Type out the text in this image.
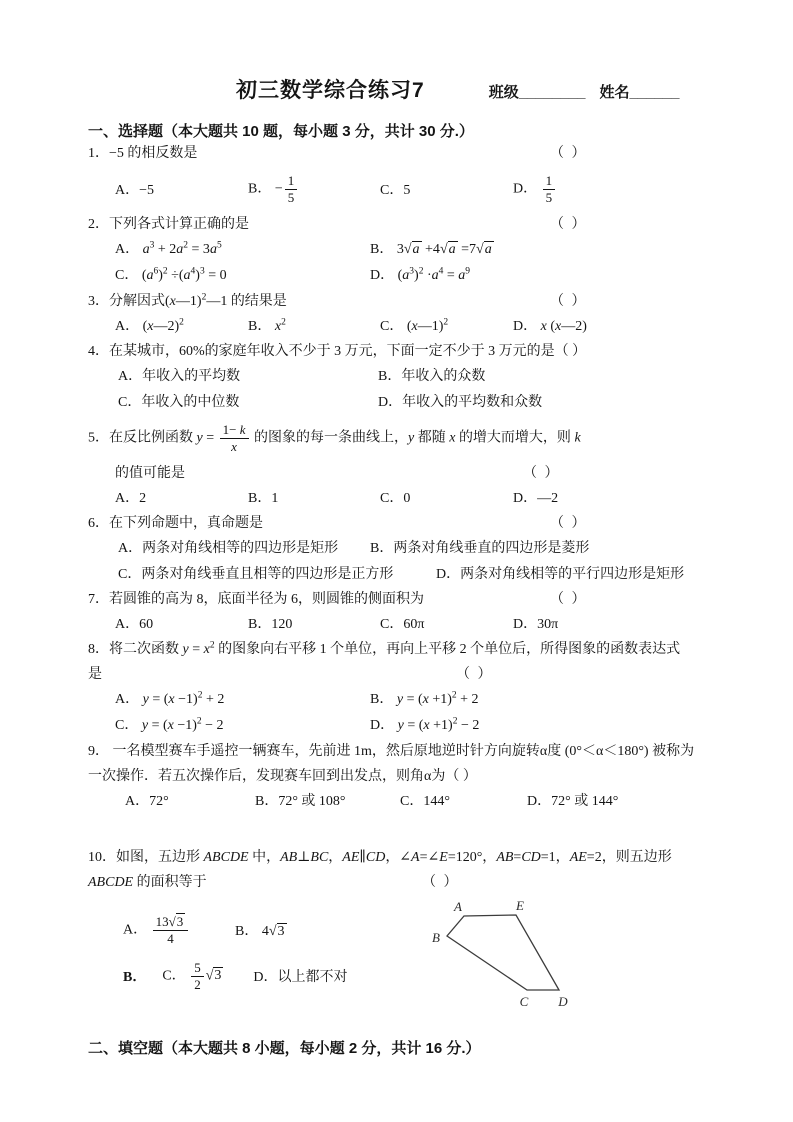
初三数学综合练习7	班级________ 姓名______
一、选择题（本大题共 10 题，每小题 3 分，共计 30 分.）
1．−5 的相反数是	（ ）
A．−5	B． − $\frac{1}{5}$	C．5	D． $\frac{1}{5}$
2．下列各式计算正确的是	（ ）
A． $a^3 + 2a^2 = 3a^5$	B． 3√a +4√a =7√a
C． $(a^6)^2 \div(a^4)^3 = 0$	D． $(a^3)^2 \cdot a^4 = a^9$
3．分解因式(x—1)$^2$—1 的结果是	（ ）
A． (x—2)$^2$	B． $x^2$	C． (x—1)$^2$	D． x (x—2)
4．在某城市，60%的家庭年收入不少于 3 万元，下面一定不少于 3 万元的是（ ）
A．年收入的平均数	B．年收入的众数
C．年收入的中位数	D．年收入的平均数和众数
5．在反比例函数 $y = \frac{1- k}{x}$ 的图象的每一条曲线上，y 都随 x 的增大而增大，则 k
的值可能是	（ ）
A．2	B．1	C．0	D．—2
6．在下列命题中，真命题是	（ ）
A．两条对角线相等的四边形是矩形	B．两条对角线垂直的四边形是菱形
C．两条对角线垂直且相等的四边形是正方形	D．两条对角线相等的平行四边形是矩形
7．若圆锥的高为 8，底面半径为 6，则圆锥的侧面积为	（ ）
A．60	B．120	C．60π	D．30π
8．将二次函数 $y = x^2$ 的图象向右平移 1 个单位，再向上平移 2 个单位后，所得图象的函数表达式
是	（ ）
A． $y = (x -1)^2 + 2$	B． $y = (x +1)^2 + 2$
C． $y = (x -1)^2 - 2$	D． $y = (x +1)^2 - 2$
9． 一名模型赛车手遥控一辆赛车，先前进 1m，然后原地逆时针方向旋转α度 (0°＜α＜180°) 被称为
一次操作．若五次操作后，发现赛车回到出发点，则角α为（ ）
A．72°	B．72° 或 108°	C．144°	D．72° 或 144°
10．如图，五边形 ABCDE 中，AB⊥BC，AE∥CD，∠A=∠E=120°，AB=CD=1，AE=2，则五边形
ABCDE 的面积等于	（ ）
A． $\frac{13√3}{4}$	B． 4√3
B． C． $\frac{5}{2} √3$ D．以上都不对
A	E
B
C D
二、填空题（本大题共 8 小题，每小题 2 分，共计 16 分.）
